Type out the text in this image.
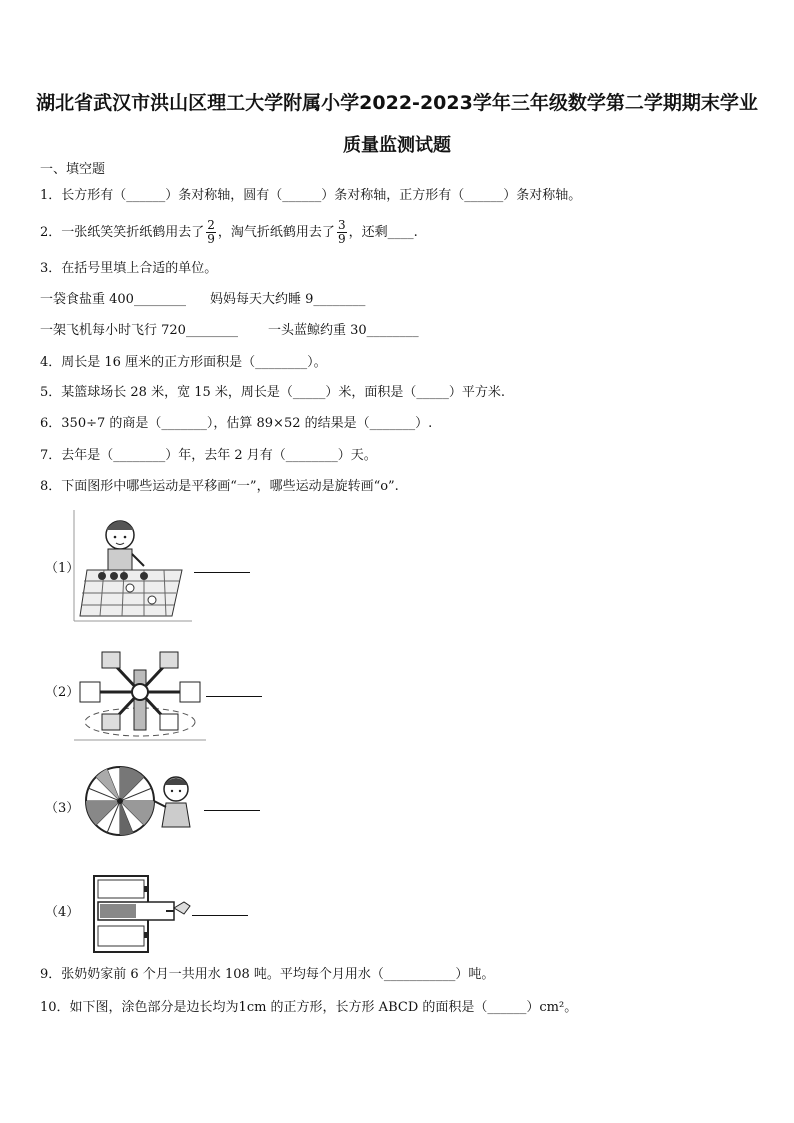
湖北省武汉市洪山区理工大学附属小学2022-2023学年三年级数学第二学期期末学业
质量监测试题
一、填空题
1．长方形有（______）条对称轴，圆有（______）条对称轴，正方形有（______）条对称轴。
2．一张纸笑笑折纸鹤用去了 $\frac{2}{9}$ ，淘气折纸鹤用去了 $\frac{3}{9}$ ，还剩____.
3．在括号里填上合适的单位。
一袋食盐重 400________ 妈妈每天大约睡 9________
一架飞机每小时飞行 720________ 一头蓝鲸约重 30________
4．周长是 16 厘米的正方形面积是（________）。
5．某篮球场长 28 米，宽 15 米，周长是（_____）米，面积是（_____）平方米.
6．350÷7 的商是（_______），估算 89×52 的结果是（_______）.
7．去年是（________）年，去年 2 月有（________）天。
8．下面图形中哪些运动是平移画“一”，哪些运动是旋转画“o”.
（1）
（2）
（3）
（4）
9．张奶奶家前 6 个月一共用水 108 吨。平均每个月用水（___________）吨。
10．如下图，涂色部分是边长均为1cm 的正方形，长方形 ABCD 的面积是（______）cm²。
